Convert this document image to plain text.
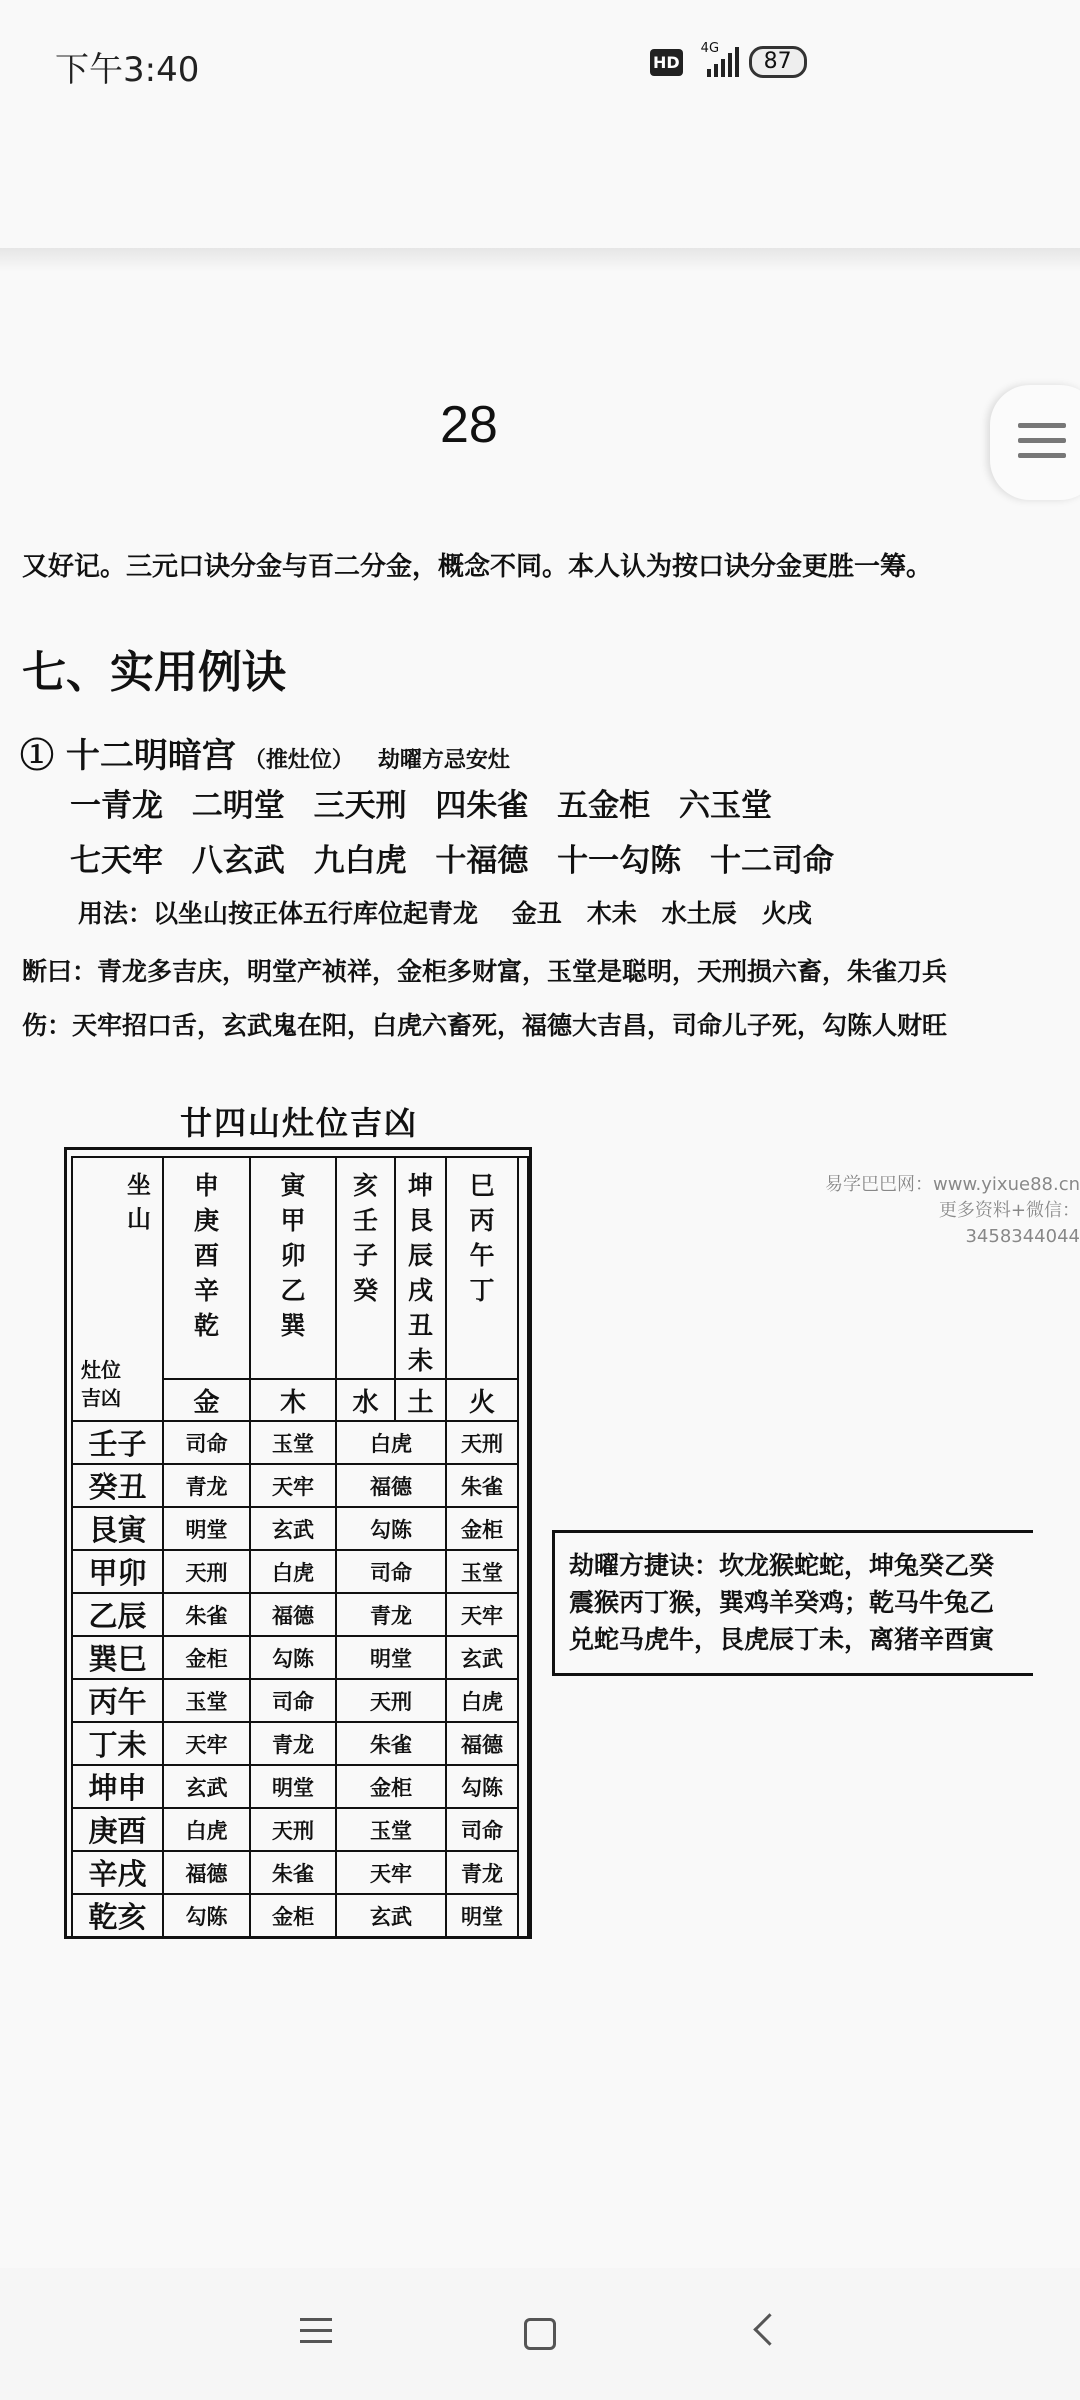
下午3:40	HD
4G
87
28
又好记。三元口诀分金与百二分金，概念不同。本人认为按口诀分金更胜一筹。
七、实用例诀
① 十二明暗宫 （推灶位） 劫曜方忌安灶
一青龙 二明堂 三天刑 四朱雀 五金柜 六玉堂
七天牢 八玄武 九白虎 十福德 十一勾陈 十二司命
用法：以坐山按正体五行库位起青龙　 金丑　木未　水土辰　火戌
断曰：青龙多吉庆，明堂产祯祥，金柜多财富，玉堂是聪明，天刑损六畜，朱雀刀兵
伤：天牢招口舌，玄武鬼在阳，白虎六畜死，福德大吉昌，司命儿子死，勾陈人财旺
廿四山灶位吉凶
坐山
灶位
吉凶	申庚酉辛乾	寅甲卯乙巽	亥壬子癸	坤艮辰戌丑未	巳丙午丁	

	金	木	水	土	火	
壬子	司命	玉堂	白虎		天刑	
癸丑	青龙	天牢	福德		朱雀	
艮寅	明堂	玄武	勾陈		金柜	
甲卯	天刑	白虎	司命		玉堂	
乙辰	朱雀	福德	青龙		天牢	
巽巳	金柜	勾陈	明堂		玄武	
丙午	玉堂	司命	天刑		白虎	
丁未	天牢	青龙	朱雀		福德	
坤申	玄武	明堂	金柜		勾陈	
庚酉	白虎	天刑	玉堂		司命	
辛戌	福德	朱雀	天牢		青龙	
乾亥	勾陈	金柜	玄武		明堂	
易学巴巴网：www.yixue88.cn
更多资料+微信：3458344044
劫曜方捷诀：坎龙猴蛇蛇，坤兔癸乙癸
震猴丙丁猴，巽鸡羊癸鸡；乾马牛兔乙
兑蛇马虎牛，艮虎辰丁未，离猪辛酉寅
